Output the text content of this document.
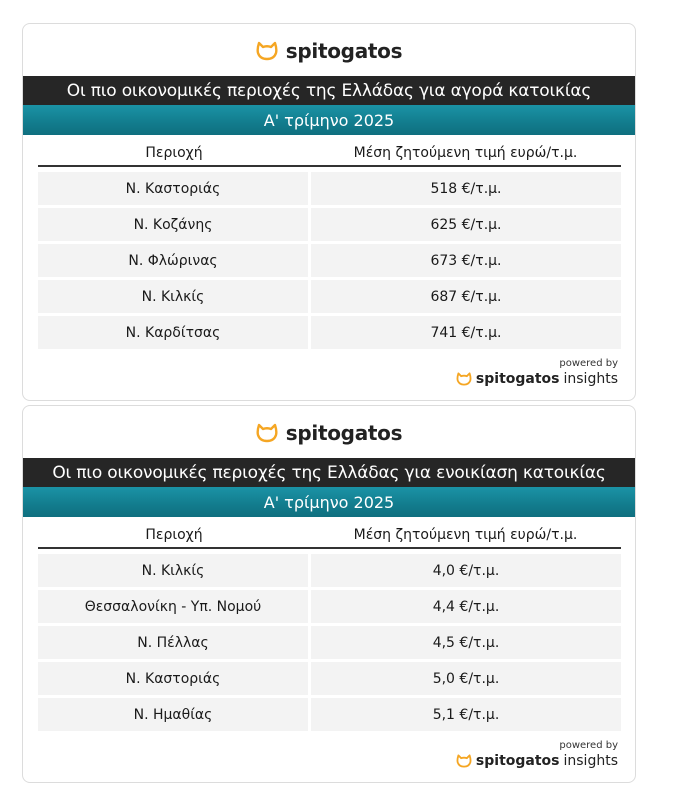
spitogatos
Οι πιο οικονομικές περιοχές της Ελλάδας για αγορά κατοικίας
Α' τρίμηνο 2025
Περιοχή	Μέση ζητούμενη τιμή ευρώ/τ.μ.
Ν. Καστοριάς	518 €/τ.μ.
Ν. Κοζάνης	625 €/τ.μ.
Ν. Φλώρινας	673 €/τ.μ.
Ν. Κιλκίς	687 €/τ.μ.
Ν. Καρδίτσας	741 €/τ.μ.
powered by
spitogatos insights
spitogatos
Οι πιο οικονομικές περιοχές της Ελλάδας για ενοικίαση κατοικίας
Α' τρίμηνο 2025
Περιοχή	Μέση ζητούμενη τιμή ευρώ/τ.μ.
Ν. Κιλκίς	4,0 €/τ.μ.
Θεσσαλονίκη - Υπ. Νομού	4,4 €/τ.μ.
Ν. Πέλλας	4,5 €/τ.μ.
Ν. Καστοριάς	5,0 €/τ.μ.
Ν. Ημαθίας	5,1 €/τ.μ.
powered by
spitogatos insights
